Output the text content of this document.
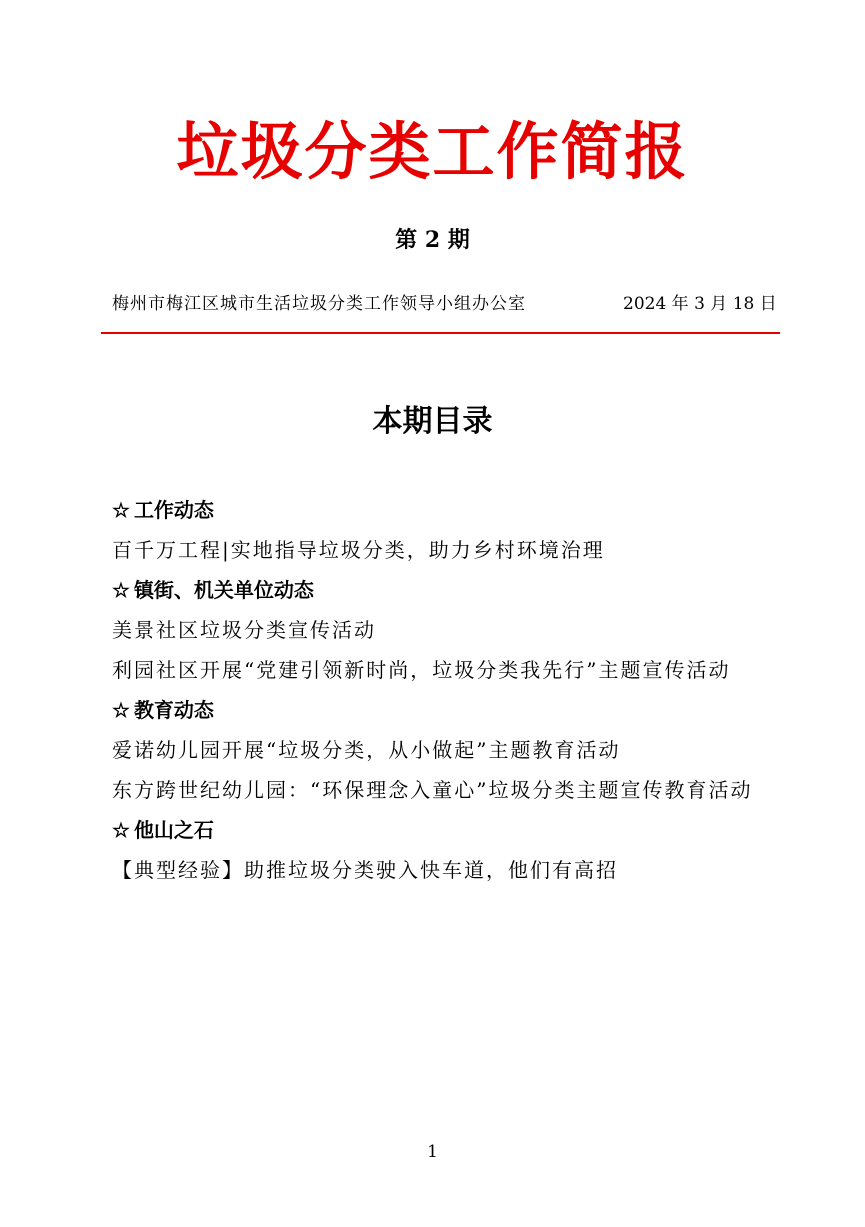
垃圾分类工作简报
第 2 期
梅州市梅江区城市生活垃圾分类工作领导小组办公室	2024 年 3 月 18 日
本期目录
☆ 工作动态
百千万工程|实地指导垃圾分类，助力乡村环境治理
☆ 镇街、机关单位动态
美景社区垃圾分类宣传活动
利园社区开展“党建引领新时尚，垃圾分类我先行”主题宣传活动
☆ 教育动态
爱诺幼儿园开展“垃圾分类，从小做起”主题教育活动
东方跨世纪幼儿园：“环保理念入童心”垃圾分类主题宣传教育活动
☆ 他山之石
【典型经验】助推垃圾分类驶入快车道，他们有高招
1
